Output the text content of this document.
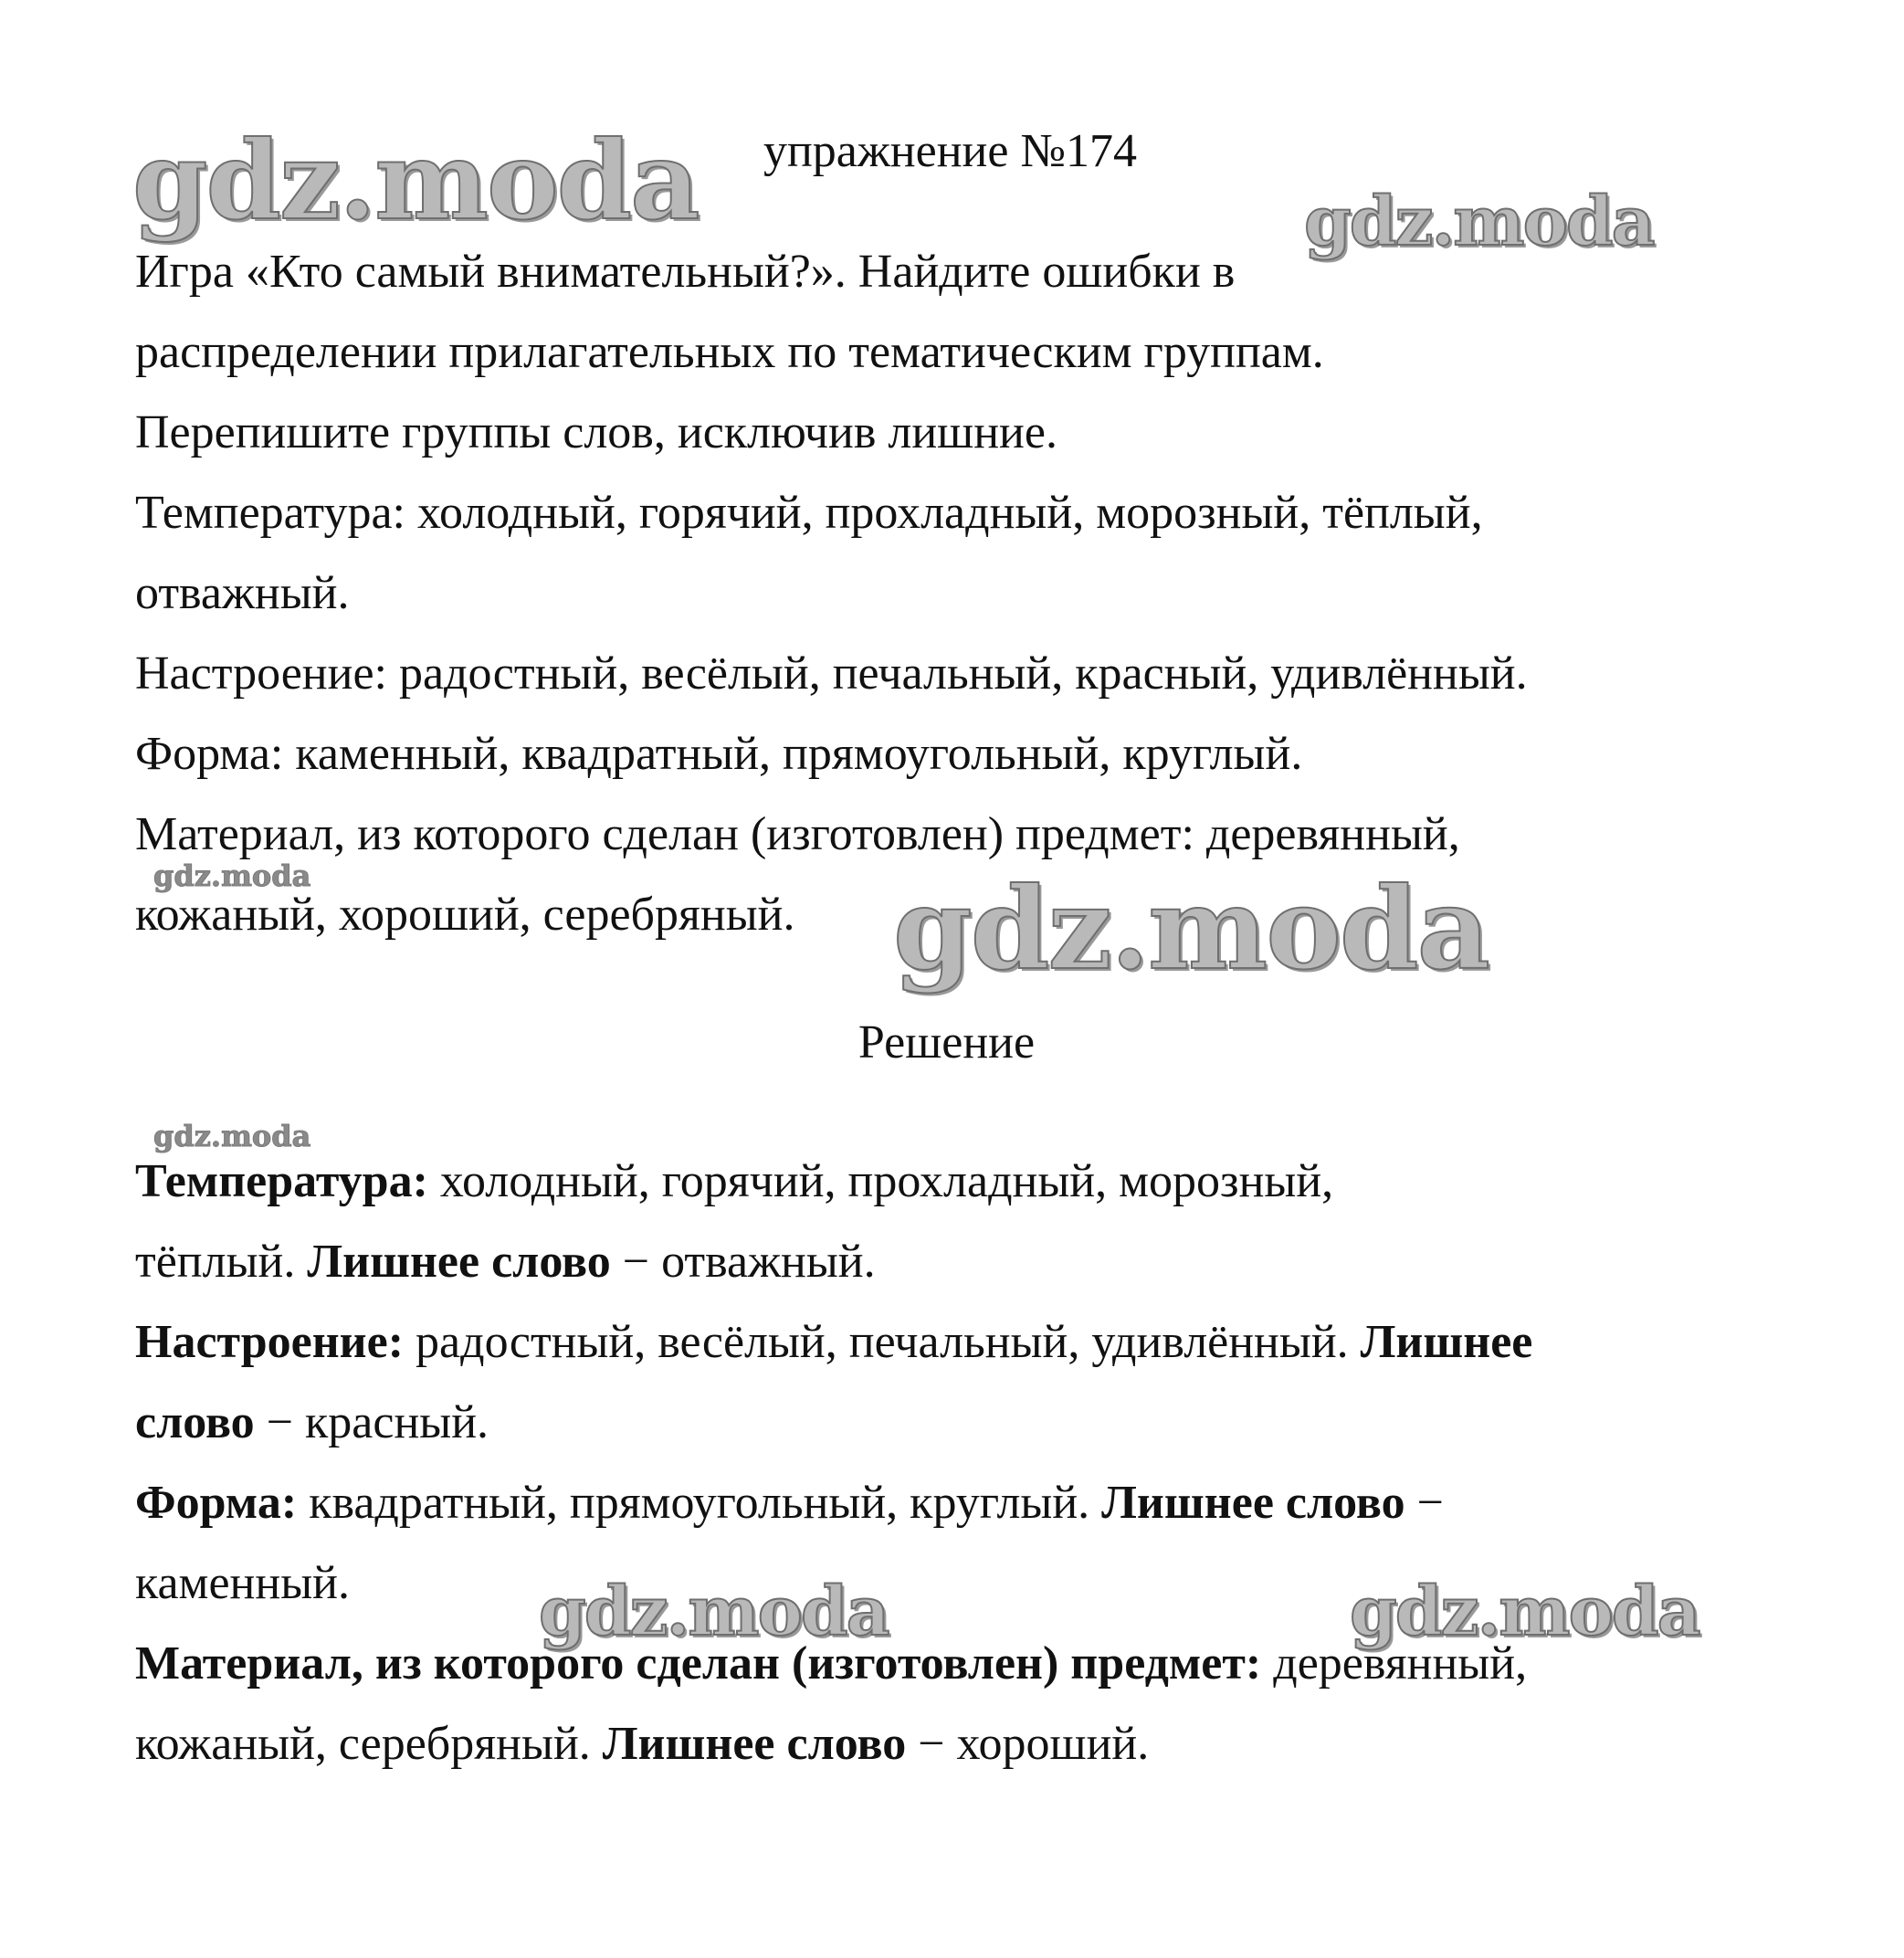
gdz.moda	gdz.moda
gdz.moda	gdz.moda
gdz.moda
gdz.moda	gdz.moda
упражнение №174
Игра «Кто самый внимательный?». Найдите ошибки в
распределении прилагательных по тематическим группам.
Перепишите группы слов, исключив лишние.
Температура: холодный, горячий, прохладный, морозный, тёплый,
отважный.
Настроение: радостный, весёлый, печальный, красный, удивлённый.
Форма: каменный, квадратный, прямоугольный, круглый.
Материал, из которого сделан (изготовлен) предмет: деревянный,
кожаный, хороший, серебряный.
Решение
Температура: холодный, горячий, прохладный, морозный,
тёплый. Лишнее слово − отважный.
Настроение: радостный, весёлый, печальный, удивлённый. Лишнее
слово − красный.
Форма: квадратный, прямоугольный, круглый. Лишнее слово −
каменный.
Материал, из которого сделан (изготовлен) предмет: деревянный,
кожаный, серебряный. Лишнее слово − хороший.
